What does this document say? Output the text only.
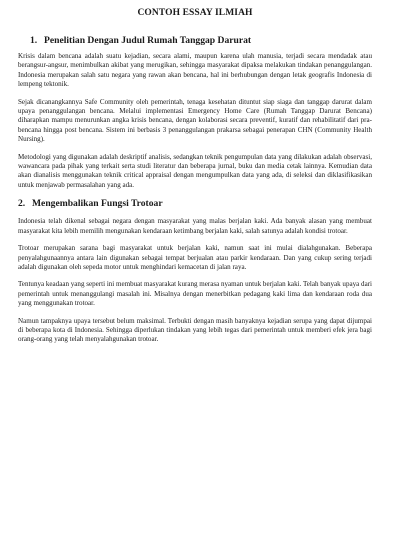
CONTOH ESSAY ILMIAH
1. Penelitian Dengan Judul Rumah Tanggap Darurat

Krisis dalam bencana adalah suatu kejadian, secara alami, maupun karena ulah manusia, terjadi secara mendadak atau berangsur-angsur, menimbulkan akibat yang merugikan, sehingga masyarakat dipaksa melakukan tindakan penanggulangan. Indonesia merupakan salah satu negara yang rawan akan bencana, hal ini berhubungan dengan letak geografis Indonesia di lempeng tektonik.

Sejak dicanangkannya Safe Community oleh pemerintah, tenaga kesehatan dituntut siap siaga dan tanggap darurat dalam upaya penanggulangan bencana. Melalui implementasi Emergency Home Care (Rumah Tanggap Darurat Bencana) diharapkan mampu menurunkan angka krisis bencana, dengan kolaborasi secara preventif, kuratif dan rehabilitatif dari pra-bencana hingga post bencana. Sistem ini berbasis 3 penanggulangan prakarsa sebagai penerapan CHN (Community Health Nursing).

Metodologi yang digunakan adalah deskriptif analisis, sedangkan teknik pengumpulan data yang dilakukan adalah observasi, wawancara pada pihak yang terkait serta studi literatur dan beberapa jurnal, buku dan media cetak lainnya. Kemudian data akan dianalisis menggunakan teknik critical appraisal dengan mengumpulkan data yang ada, di seleksi dan diklasifikasikan untuk menjawab permasalahan yang ada.

2. Mengembalikan Fungsi Trotoar

Indonesia telah dikenal sebagai negara dengan masyarakat yang malas berjalan kaki. Ada banyak alasan yang membuat masyarakat kita lebih memilih mengunakan kendaraan ketimbang berjalan kaki, salah satunya adalah kondisi trotoar.

Trotoar merupakan sarana bagi masyarakat untuk berjalan kaki, namun saat ini mulai dialahgunakan. Beberapa penyalahgunaannya antara lain digunakan sebagai tempat berjualan atau parkir kendaraan. Dan yang cukup sering terjadi adalah digunakan oleh sepeda motor untuk menghindari kemacetan di jalan raya.

Tentunya keadaan yang seperti ini membuat masyarakat kurang merasa nyaman untuk berjalan kaki. Telah banyak upaya dari pemerintah untuk menanggulangi masalah ini. Misalnya dengan menerbitkan pedagang kaki lima dan kendaraan roda dua yang menggunakan trotoar.

Namun tampaknya upaya tersebut belum maksimal. Terbukti dengan masih banyaknya kejadian serupa yang dapat dijumpai di beberapa kota di Indonesia. Sehingga diperlukan tindakan yang lebih tegas dari pemerintah untuk memberi efek jera bagi orang-orang yang telah menyalahgunakan trotoar.
